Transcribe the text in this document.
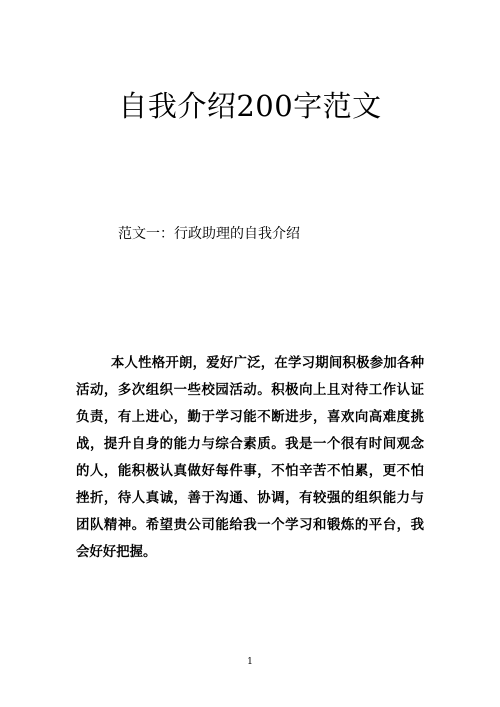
自我介绍200字范文

范文一：行政助理的自我介绍

本人性格开朗，爱好广泛，在学习期间积极参加各种活动，多次组织一些校园活动。积极向上且对待工作认证负责，有上进心，勤于学习能不断进步，喜欢向高难度挑战，提升自身的能力与综合素质。我是一个很有时间观念的人，能积极认真做好每件事，不怕辛苦不怕累，更不怕挫折，待人真诚，善于沟通、协调，有较强的组织能力与团队精神。希望贵公司能给我一个学习和锻炼的平台，我会好好把握。

1
